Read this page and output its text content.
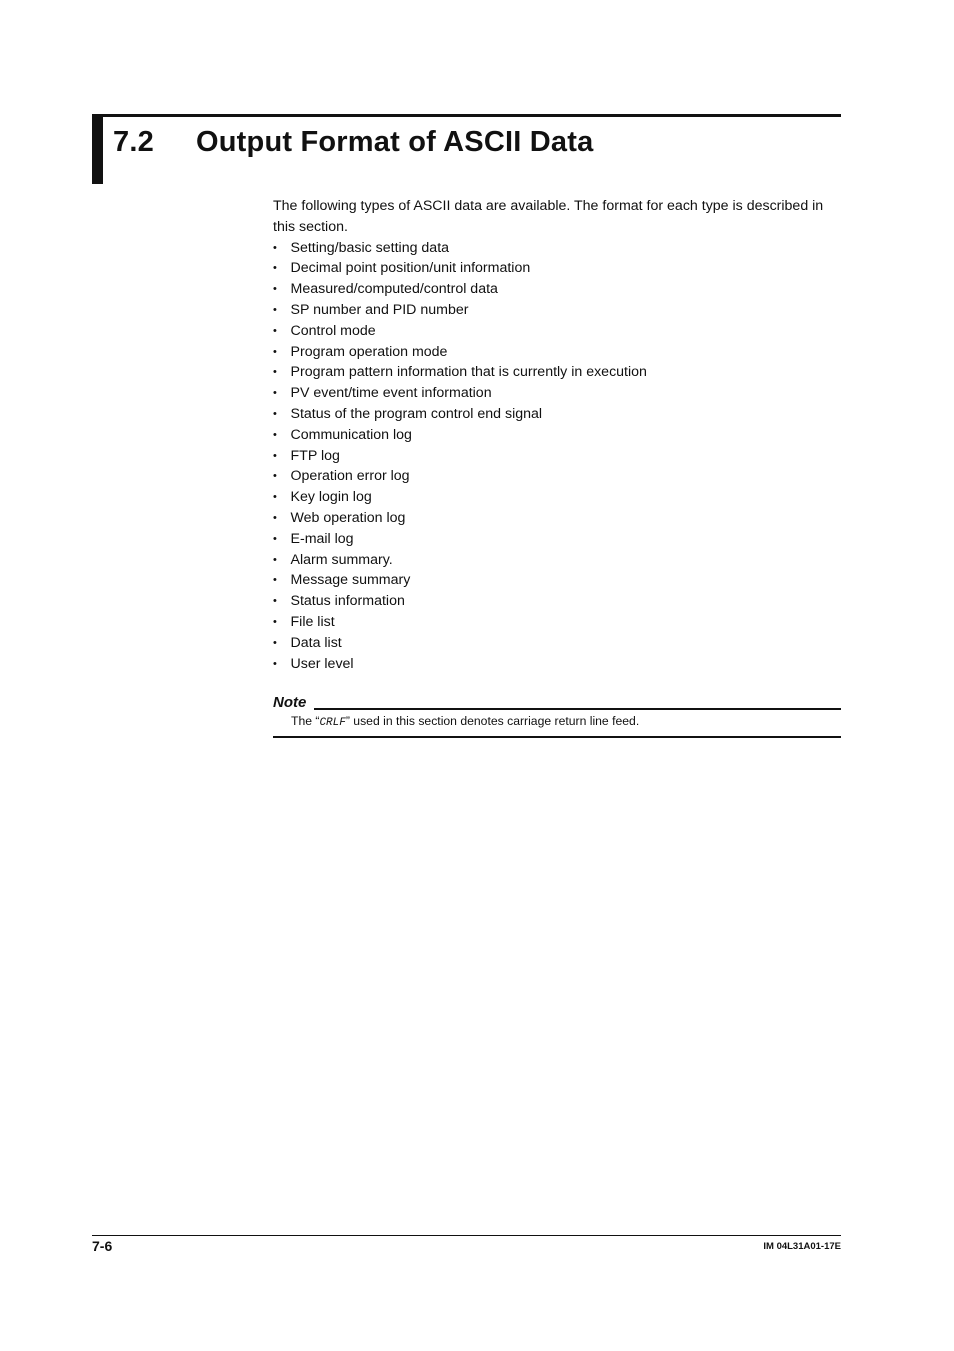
7.2 Output Format of ASCII Data

The following types of ASCII data are available. The format for each type is described in this section.

• Setting/basic setting data
• Decimal point position/unit information
• Measured/computed/control data
• SP number and PID number
• Control mode
• Program operation mode
• Program pattern information that is currently in execution
• PV event/time event information
• Status of the program control end signal
• Communication log
• FTP log
• Operation error log
• Key login log
• Web operation log
• E-mail log
• Alarm summary.
• Message summary
• Status information
• File list
• Data list
• User level
Note

The “CRLF” used in this section denotes carriage return line feed.

7-6	IM 04L31A01-17E
